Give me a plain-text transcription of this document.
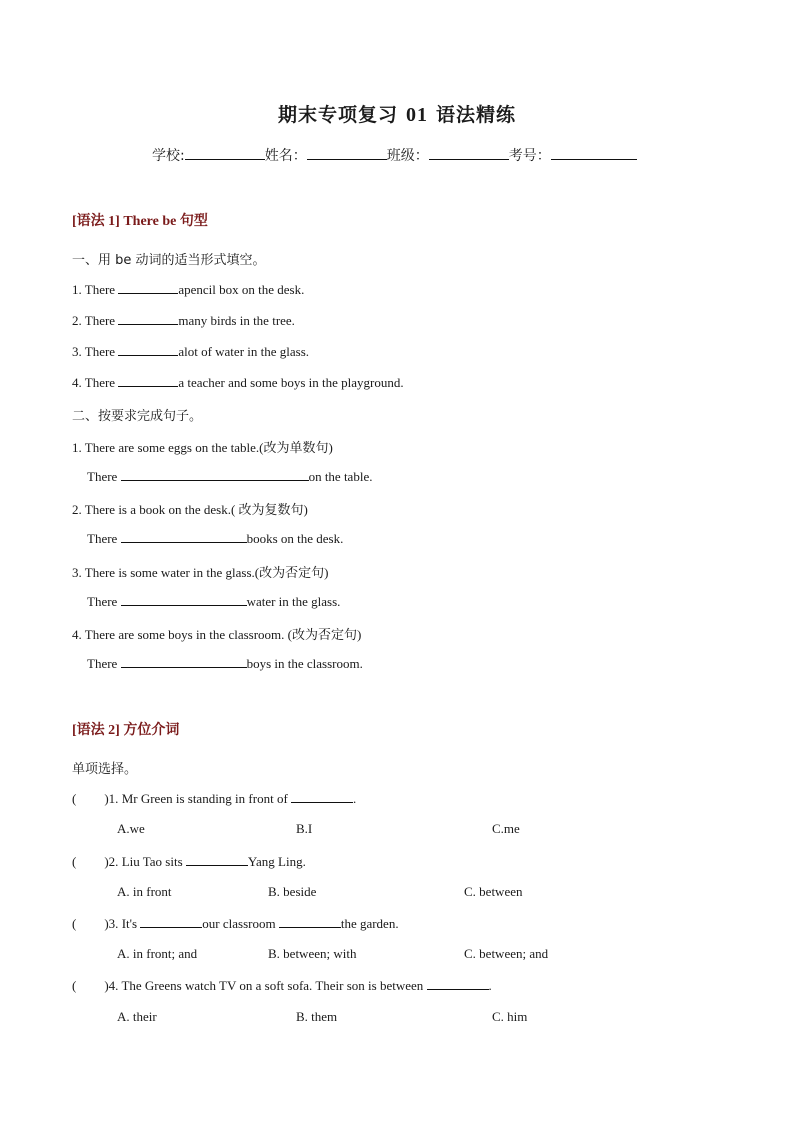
期末专项复习 01 语法精练
学校:	姓名：	班级：	考号：
[语法 1] There be 句型
一、用 be 动词的适当形式填空。
1. There	apencil box on the desk.
2. There	many birds in the tree.
3. There	alot of water in the glass.
4. There	a teacher and some boys in the playground.
二、按要求完成句子。
1. There are some eggs on the table.(改为单数句)
There	on the table.
2. There is a book on the desk.( 改为复数句)
There	books on the desk.
3. There is some water in the glass.(改为否定句)
There	water in the glass.
4. There are some boys in the classroom. (改为否定句)
There	boys in the classroom.
[语法 2] 方位介词
单项选择。
( )1. Mr Green is standing in front of	.
A.we	B.I	C.me
( )2. Liu Tao sits	Yang Ling.
A. in front	B. beside	C. between
( )3. It's	our classroom	the garden.
A. in front; and	B. between; with	C. between; and
( )4. The Greens watch TV on a soft sofa. Their son is between	.
A. their	B. them	C. him
